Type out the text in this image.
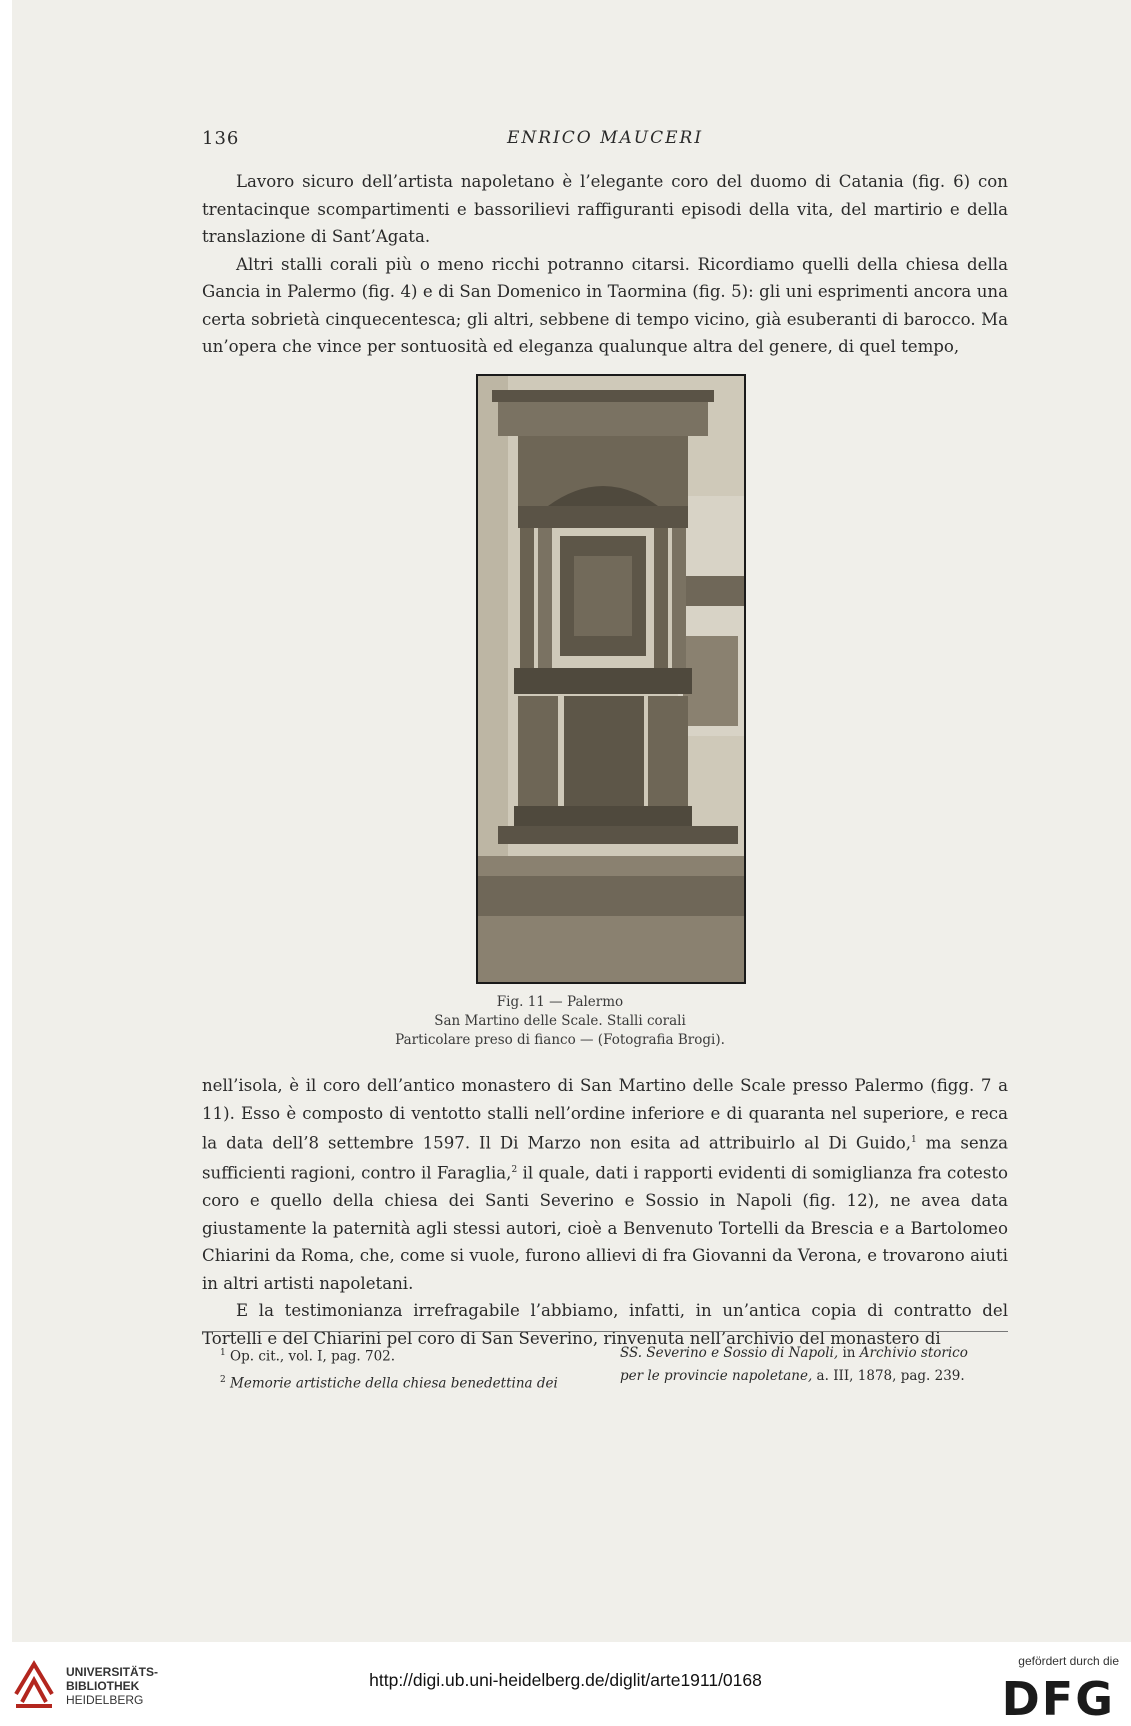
136	ENRICO MAUCERI

Lavoro sicuro dell’artista napoletano è l’elegante coro del duomo di Catania (fig. 6) con trentacinque scompartimenti e bassorilievi raffiguranti episodi della vita, del martirio e della translazione di Sant’Agata.

Altri stalli corali più o meno ricchi potranno citarsi. Ricordiamo quelli della chiesa della Gancia in Palermo (fig. 4) e di San Domenico in Taormina (fig. 5): gli uni esprimenti ancora una certa sobrietà cinquecentesca; gli altri, sebbene di tempo vicino, già esuberanti di barocco. Ma un’opera che vince per sontuosità ed eleganza qualunque altra del genere, di quel tempo,

Fig. 11 — Palermo
San Martino delle Scale. Stalli corali
Particolare preso di fianco — (Fotografia Brogi).

nell’isola, è il coro dell’antico monastero di San Martino delle Scale presso Palermo (figg. 7 a 11). Esso è composto di ventotto stalli nell’ordine inferiore e di quaranta nel superiore, e reca la data dell’8 settembre 1597. Il Di Marzo non esita ad attribuirlo al Di Guido,$^1$ ma senza sufficienti ragioni, contro il Faraglia,$^2$ il quale, dati i rapporti evidenti di somiglianza fra cotesto coro e quello della chiesa dei Santi Severino e Sossio in Napoli (fig. 12), ne avea data giustamente la paternità agli stessi autori, cioè a Benvenuto Tortelli da Brescia e a Bartolomeo Chiarini da Roma, che, come si vuole, furono allievi di fra Giovanni da Verona, e trovarono aiuti in altri artisti napoletani.

E la testimonianza irrefragabile l’abbiamo, infatti, in un’antica copia di contratto del Tortelli e del Chiarini pel coro di San Severino, rinvenuta nell’archivio del monastero di

$^1$ Op. cit., vol. I, pag. 702.
$^2$ Memorie artistiche della chiesa benedettina dei
SS. Severino e Sossio di Napoli, in Archivio storico
per le provincie napoletane, a. III, 1878, pag. 239.
UNIVERSITÄTS-
BIBLIOTHEK
HEIDELBERG
http://digi.ub.uni-heidelberg.de/diglit/arte1911/0168
gefördert durch die
DFG
